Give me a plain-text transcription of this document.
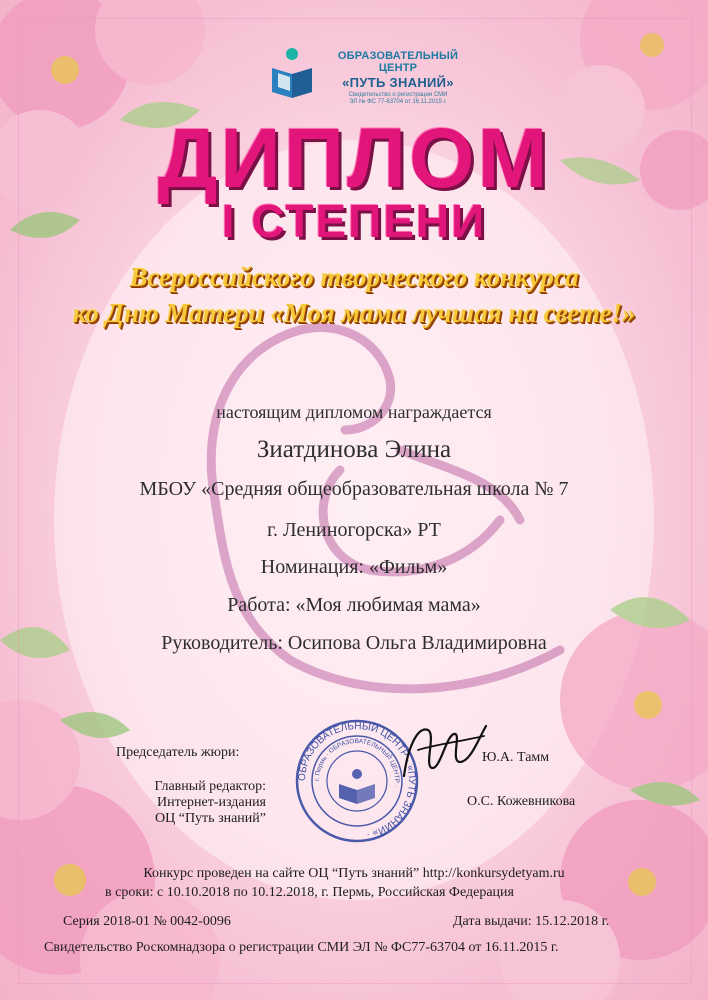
ОБРАЗОВАТЕЛЬНЫЙ ЦЕНТР
«ПУТЬ ЗНАНИЙ»
Свидетельство о регистрации СМИ
ЭЛ № ФС 77-63704 от 16.11.2015 г.
ДИПЛОМ
I СТЕПЕНИ
Всероссийского творческого конкурса
ко Дню Матери «Моя мама лучшая на свете!»
настоящим дипломом награждается
Зиатдинова Элина
МБОУ «Средняя общеобразовательная школа № 7
г. Лениногорска» РТ
Номинация: «Фильм»
Работа: «Моя любимая мама»
Руководитель: Осипова Ольга Владимировна
Председатель жюри:
Главный редактор:
Интернет-издания
ОЦ “Путь знаний”
ОБРАЗОВАТЕЛЬНЫЙ ЦЕНТР · «ПУТЬ ЗНАНИЙ» ·
г. Пермь · ОБРАЗОВАТЕЛЬНЫЙ ЦЕНТР ·
Ю.А. Тамм
О.С. Кожевникова
Конкурс проведен на сайте ОЦ “Путь знаний” http://konkursydetyam.ru
в сроки: с 10.10.2018 по 10.12.2018, г. Пермь, Российская Федерация
Серия 2018-01 № 0042-0096	Дата выдачи: 15.12.2018 г.
Свидетельство Роскомнадзора о регистрации СМИ ЭЛ № ФС77-63704 от 16.11.2015 г.
